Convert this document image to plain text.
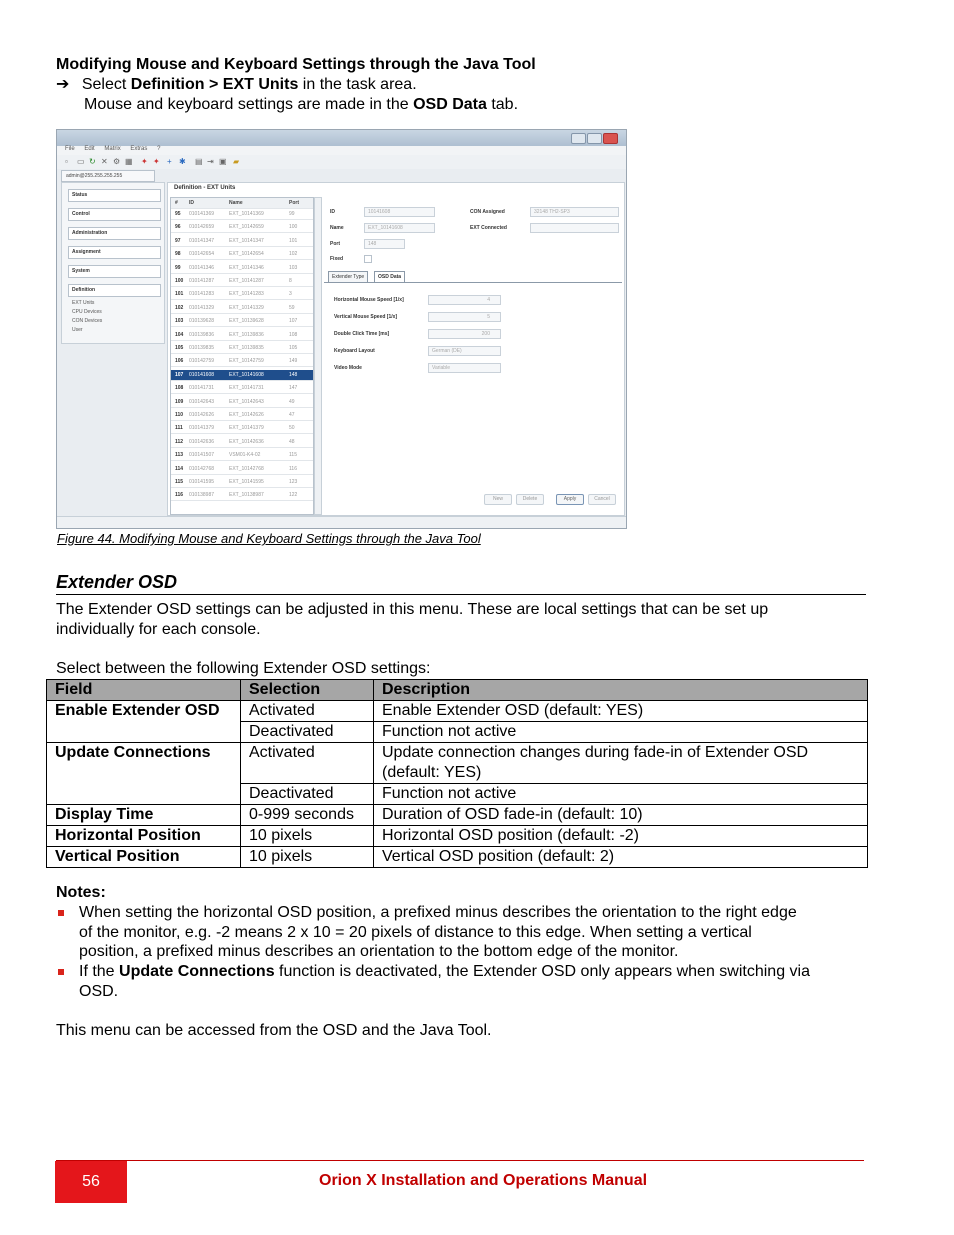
Modifying Mouse and Keyboard Settings through the Java Tool
➔ Select Definition > EXT Units in the task area.
Mouse and keyboard settings are made in the OSD Data tab.
File Edit Matrix Extras ?
▫	▭ ↻ ✕ ⚙ ▦ ✦ ✦ + ✱ ▤ ⇥ ▣ ▰
admin@255.255.255.255
Status
Control
Administration
Assignment
System
Definition
EXT Units
CPU Devices
CON Devices
User
Definition - EXT Units
# ID	Name	Port
95 010141369	EXT_10141369	99
96 010142659	EXT_10142659	100
97 010141347	EXT_10141347	101
98 010142654	EXT_10142654	102
99 010141346	EXT_10141346	103
100 010141287	EXT_10141287	8
101 010141283	EXT_10141283	3
102 010141329	EXT_10141329	59
103 010139628	EXT_10139628	107
104 010139836	EXT_10139836	108
105 010139835	EXT_10139835	105
106 010142759	EXT_10142759	149
107 010141608	EXT_10141608	148
108 010141731	EXT_10141731	147
109 010142643	EXT_10142643	49
110 010142626	EXT_10142626	47
111 010141379	EXT_10141379	50
112 010142636	EXT_10142636	48
113 010141507	VSM01-K4-02	115
114 010142768	EXT_10142768	116
115 010141595	EXT_10141595	123
116 010138987	EXT_10138987	122
ID	10141608
Name	EXT_10141608
Port	148
Fixed
CON Assigned	32148 TH2-SP3
EXT Connected
Extender Type	OSD Data
New	Delete	Apply	Cancel
Horizontal Mouse Speed [1/x]	4
Vertical Mouse Speed [1/x]	5
Double Click Time [ms]	200
Keyboard Layout	German (DE)
Video Mode	Variable
Figure 44. Modifying Mouse and Keyboard Settings through the Java Tool
Extender OSD
The Extender OSD settings can be adjusted in this menu. These are local settings that can be set up
individually for each console.
Select between the following Extender OSD settings:
Field	Selection	Description
Enable Extender OSD	Activated	Enable Extender OSD (default: YES)
	Deactivated	Function not active
Update Connections	Activated	Update connection changes during fade-in of Extender OSD (default: YES)
	Deactivated	Function not active
Display Time	0-999 seconds	Duration of OSD fade-in (default: 10)
Horizontal Position	10 pixels	Horizontal OSD position (default: -2)
Vertical Position	10 pixels	Vertical OSD position (default: 2)
Notes:
When setting the horizontal OSD position, a prefixed minus describes the orientation to the right edge
of the monitor, e.g. -2 means 2 x 10 = 20 pixels of distance to this edge. When setting a vertical
position, a prefixed minus describes an orientation to the bottom edge of the monitor.
If the Update Connections function is deactivated, the Extender OSD only appears when switching via
OSD.
This menu can be accessed from the OSD and the Java Tool.
56	Orion X Installation and Operations Manual
